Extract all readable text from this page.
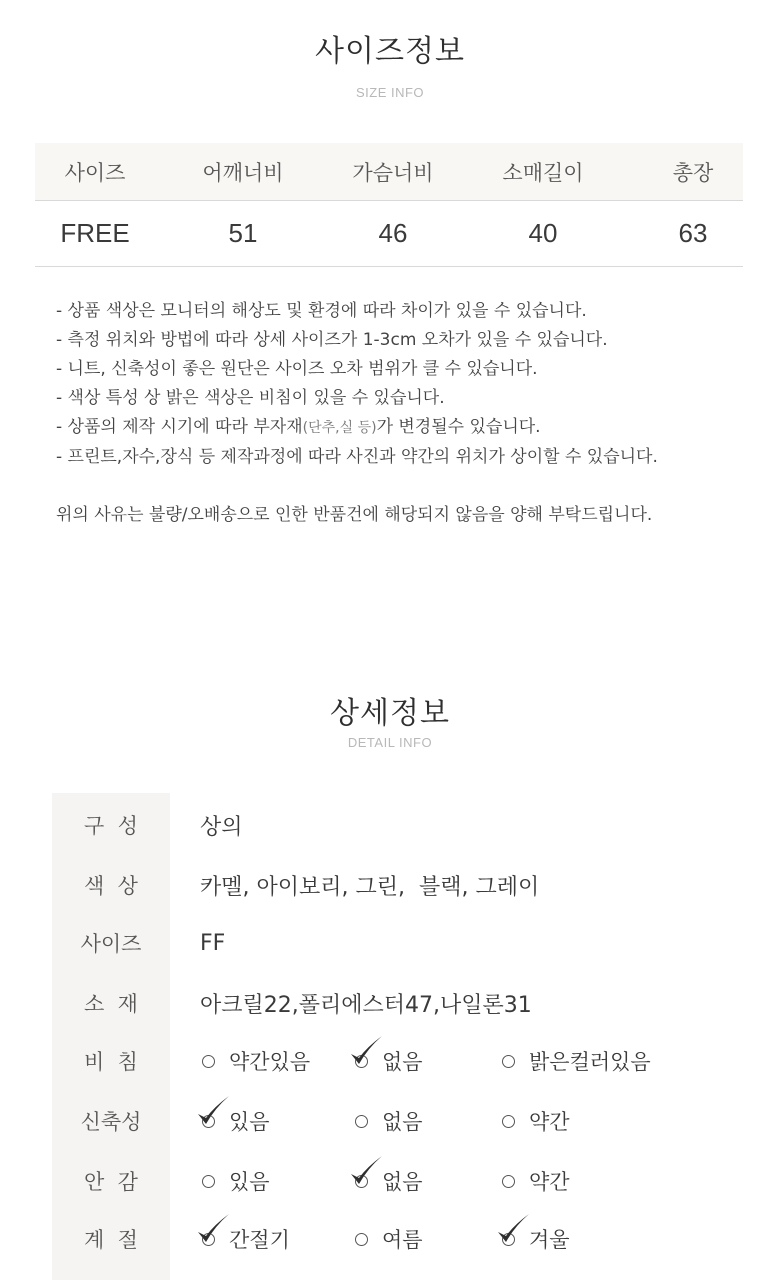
사이즈정보
SIZE INFO
사이즈	어깨너비	가슴너비	소매길이	총장
FREE	51	46	40	63
- 상품 색상은 모니터의 해상도 및 환경에 따라 차이가 있을 수 있습니다.
- 측정 위치와 방법에 따라 상세 사이즈가 1-3cm 오차가 있을 수 있습니다.
- 니트, 신축성이 좋은 원단은 사이즈 오차 범위가 클 수 있습니다.
- 색상 특성 상 밝은 색상은 비침이 있을 수 있습니다.
- 상품의 제작 시기에 따라 부자재(단추,실 등)가 변경될수 있습니다.
- 프린트,자수,장식 등 제작과정에 따라 사진과 약간의 위치가 상이할 수 있습니다.
위의 사유는 불량/오배송으로 인한 반품건에 해당되지 않음을 양해 부탁드립니다.
상세정보
DETAIL INFO
구  성	상의
색  상	카멜, 아이보리, 그린,  블랙, 그레이
사이즈	FF
소  재	아크릴22,폴리에스터47,나일론31
비  침	약간있음	없음	밝은컬러있음
신축성	있음	없음	약간
안  감	있음	없음	약간
계  절	간절기	여름	겨울
